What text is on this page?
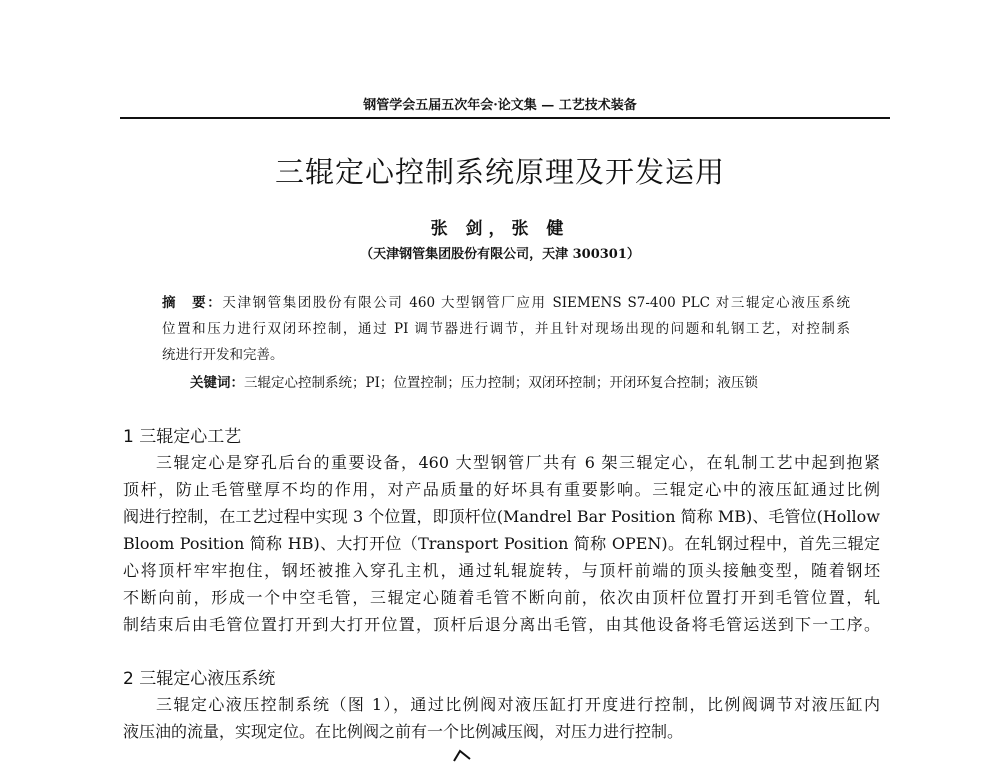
钢管学会五届五次年会·论文集 — 工艺技术装备
三辊定心控制系统原理及开发运用
张 剑，张 健
（天津钢管集团股份有限公司，天津 300301）
摘　要：天津钢管集团股份有限公司 460 大型钢管厂应用 SIEMENS S7-400 PLC 对三辊定心液压系统
位置和压力进行双闭环控制，通过 PI 调节器进行调节，并且针对现场出现的问题和轧钢工艺，对控制系
统进行开发和完善。
关键词：三辊定心控制系统；PI；位置控制；压力控制；双闭环控制；开闭环复合控制；液压锁
1 三辊定心工艺
三辊定心是穿孔后台的重要设备，460 大型钢管厂共有 6 架三辊定心，在轧制工艺中起到抱紧
顶杆，防止毛管壁厚不均的作用，对产品质量的好坏具有重要影响。三辊定心中的液压缸通过比例
阀进行控制，在工艺过程中实现 3 个位置，即顶杆位(Mandrel Bar Position 简称 MB)、毛管位(Hollow
Bloom Position 简称 HB)、大打开位（Transport Position 简称 OPEN)。在轧钢过程中，首先三辊定
心将顶杆牢牢抱住，钢坯被推入穿孔主机，通过轧辊旋转，与顶杆前端的顶头接触变型，随着钢坯
不断向前，形成一个中空毛管，三辊定心随着毛管不断向前，依次由顶杆位置打开到毛管位置，轧
制结束后由毛管位置打开到大打开位置，顶杆后退分离出毛管，由其他设备将毛管运送到下一工序。
2 三辊定心液压系统
三辊定心液压控制系统（图 1），通过比例阀对液压缸打开度进行控制，比例阀调节对液压缸内
液压油的流量，实现定位。在比例阀之前有一个比例减压阀，对压力进行控制。
